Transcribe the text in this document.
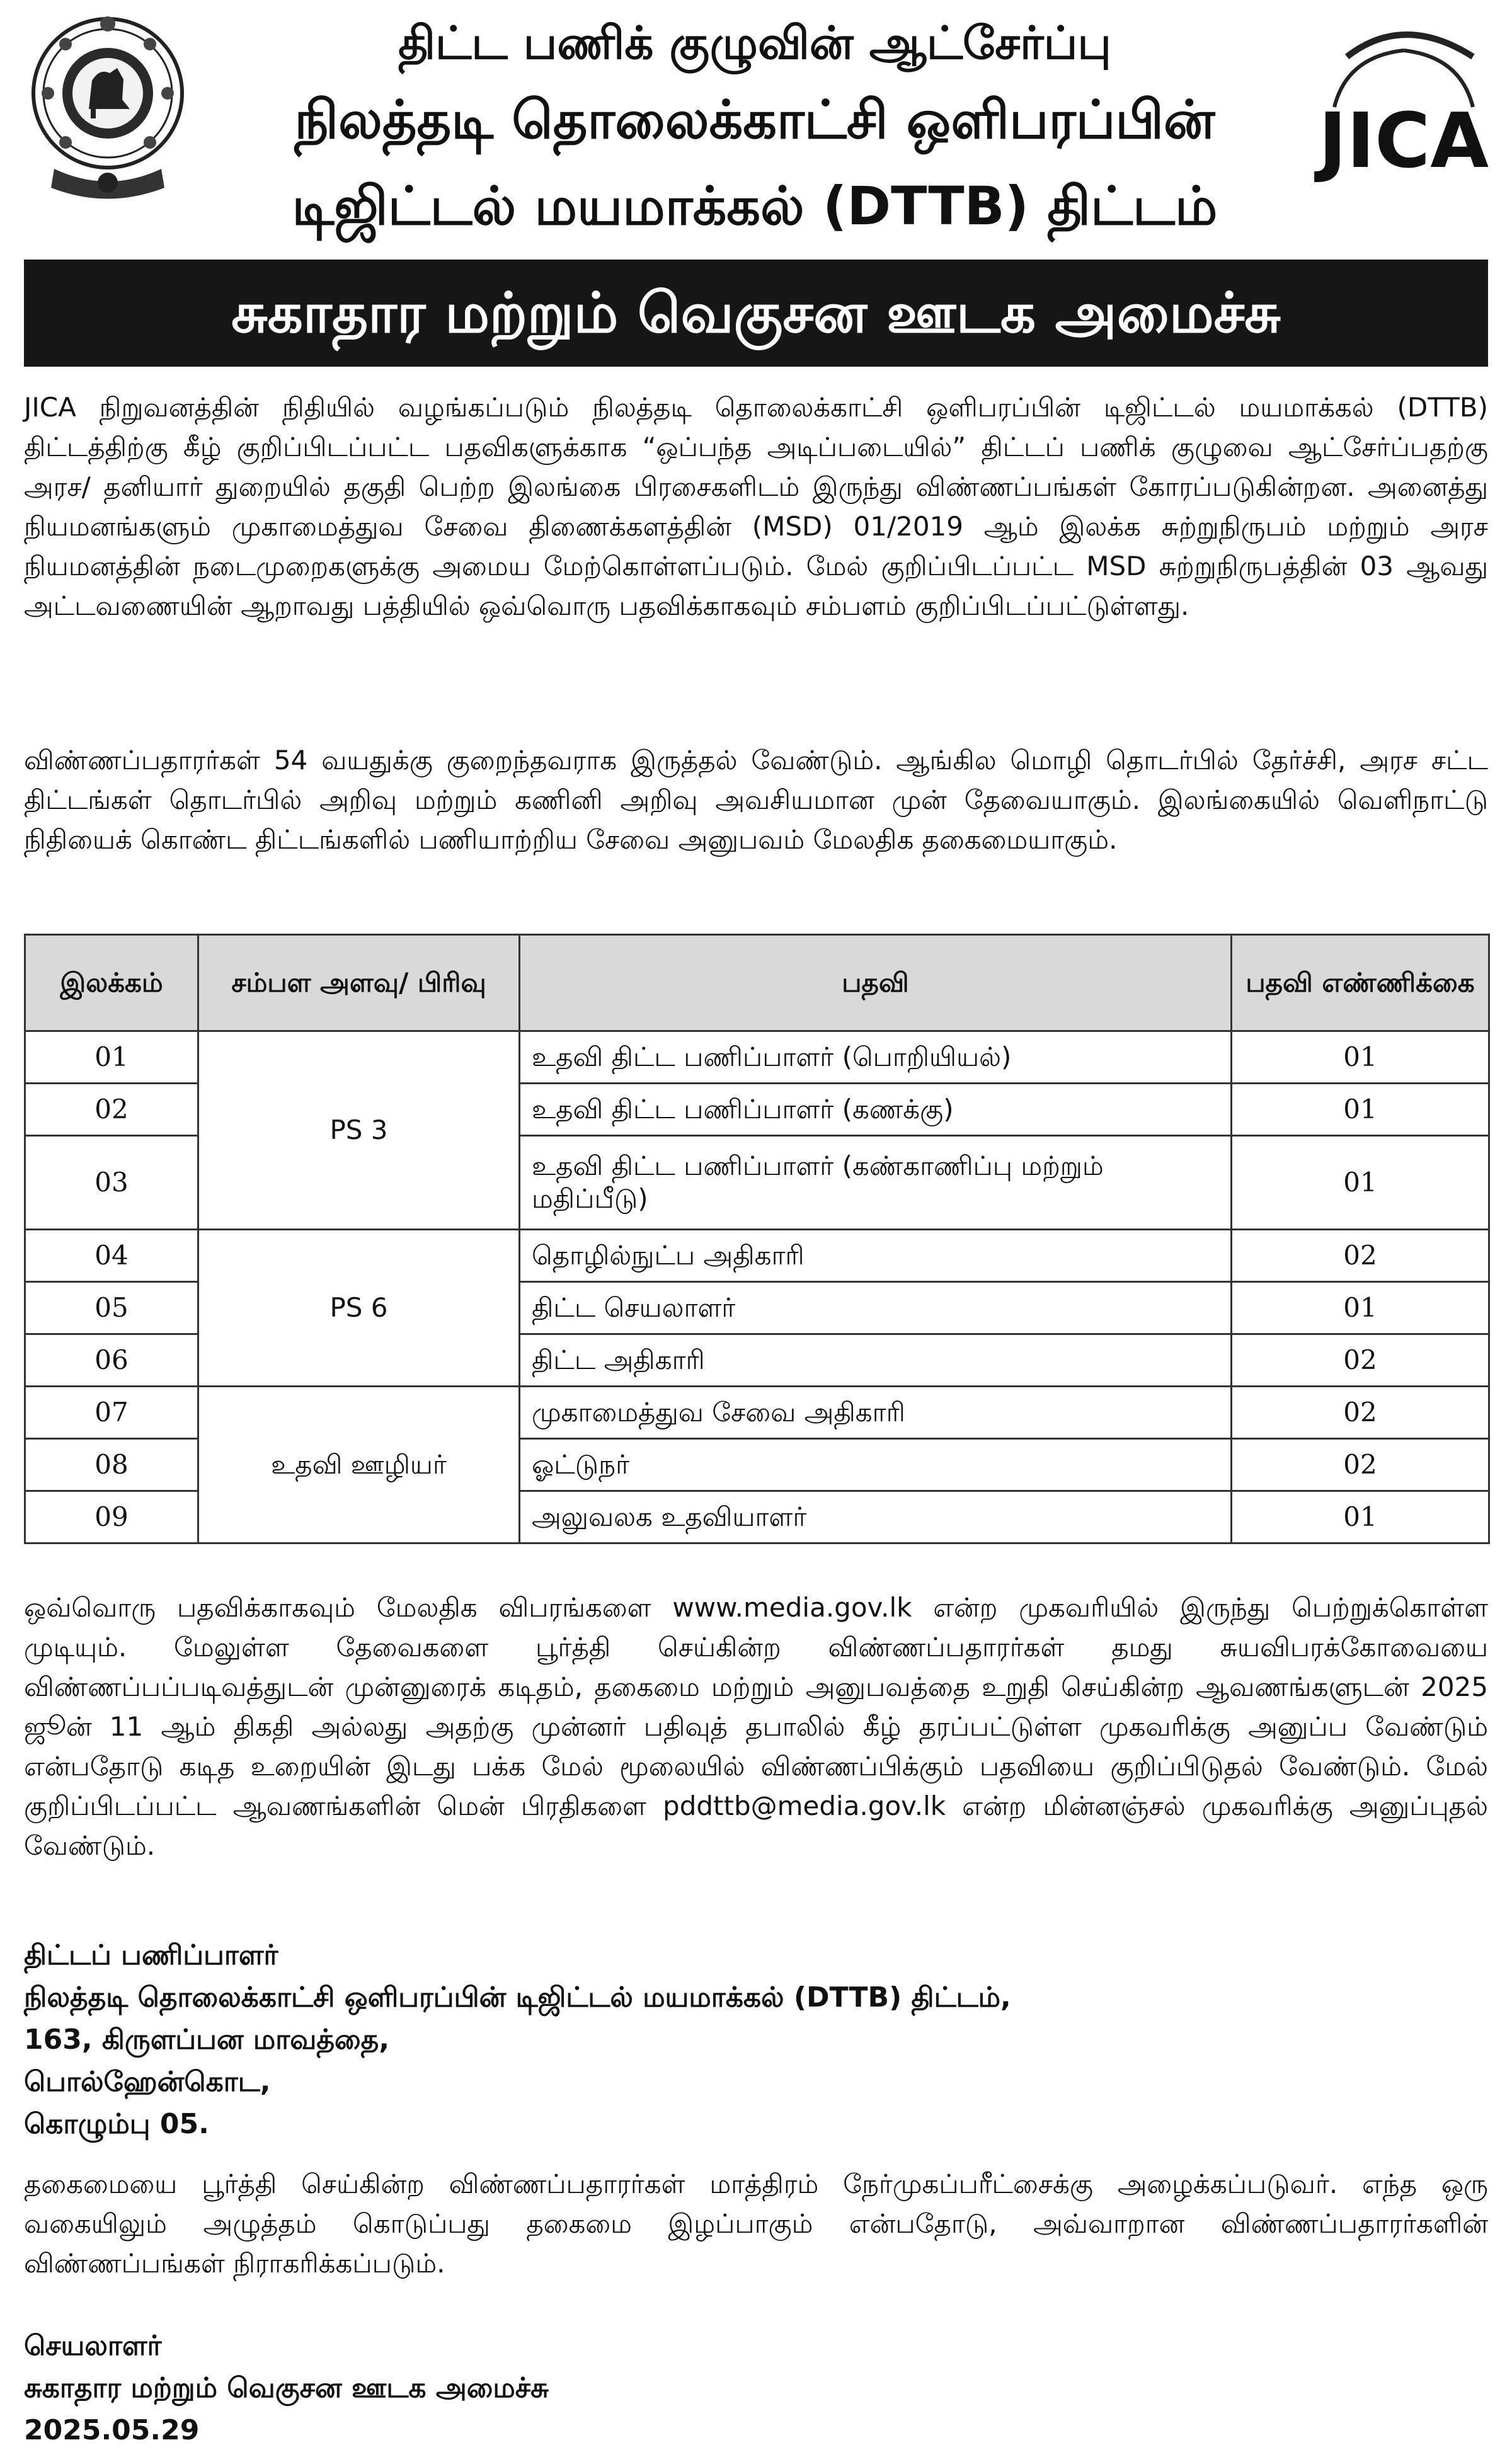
திட்ட பணிக் குழுவின் ஆட்சேர்ப்பு
நிலத்தடி தொலைக்காட்சி ஒளிபரப்பின்
டிஜிட்டல் மயமாக்கல் (DTTB) திட்டம்
JICA
சுகாதார மற்றும் வெகுசன ஊடக அமைச்சு

JICA நிறுவனத்தின் நிதியில் வழங்கப்படும் நிலத்தடி தொலைக்காட்சி ஒளிபரப்பின் டிஜிட்டல் மயமாக்கல் (DTTB) திட்டத்திற்கு கீழ் குறிப்பிடப்பட்ட பதவிகளுக்காக “ஒப்பந்த அடிப்படையில்” திட்டப் பணிக் குழுவை ஆட்சேர்ப்பதற்கு அரச/ தனியார் துறையில் தகுதி பெற்ற இலங்கை பிரசைகளிடம் இருந்து விண்ணப்பங்கள் கோரப்படுகின்றன. அனைத்து நியமனங்களும் முகாமைத்துவ சேவை திணைக்களத்தின் (MSD) 01/2019 ஆம் இலக்க சுற்றுநிருபம் மற்றும் அரச நியமனத்தின் நடைமுறைகளுக்கு அமைய மேற்கொள்ளப்படும். மேல் குறிப்பிடப்பட்ட MSD சுற்றுநிருபத்தின் 03 ஆவது அட்டவணையின் ஆறாவது பத்தியில் ஒவ்வொரு பதவிக்காகவும் சம்பளம் குறிப்பிடப்பட்டுள்ளது.

விண்ணப்பதாரர்கள் 54 வயதுக்கு குறைந்தவராக இருத்தல் வேண்டும். ஆங்கில மொழி தொடர்பில் தேர்ச்சி, அரச சட்ட திட்டங்கள் தொடர்பில் அறிவு மற்றும் கணினி அறிவு அவசியமான முன் தேவையாகும். இலங்கையில் வெளிநாட்டு நிதியைக் கொண்ட திட்டங்களில் பணியாற்றிய சேவை அனுபவம் மேலதிக தகைமையாகும்.

இலக்கம்	சம்பள அளவு/ பிரிவு	பதவி	பதவி எண்ணிக்கை
01	PS 3	உதவி திட்ட பணிப்பாளர் (பொறியியல்)	01
02		உதவி திட்ட பணிப்பாளர் (கணக்கு)	01
03		உதவி திட்ட பணிப்பாளர் (கண்காணிப்பு மற்றும் மதிப்பீடு)	01
04	PS 6	தொழில்நுட்ப அதிகாரி	02
05		திட்ட செயலாளர்	01
06		திட்ட அதிகாரி	02
07	உதவி ஊழியர்	முகாமைத்துவ சேவை அதிகாரி	02
08		ஓட்டுநர்	02
09		அலுவலக உதவியாளர்	01

ஒவ்வொரு பதவிக்காகவும் மேலதிக விபரங்களை www.media.gov.lk என்ற முகவரியில் இருந்து பெற்றுக்கொள்ள முடியும். மேலுள்ள தேவைகளை பூர்த்தி செய்கின்ற விண்ணப்பதாரர்கள் தமது சுயவிபரக்கோவையை விண்ணப்பப்படிவத்துடன் முன்னுரைக் கடிதம், தகைமை மற்றும் அனுபவத்தை உறுதி செய்கின்ற ஆவணங்களுடன் 2025 ஜூன் 11 ஆம் திகதி அல்லது அதற்கு முன்னர் பதிவுத் தபாலில் கீழ் தரப்பட்டுள்ள முகவரிக்கு அனுப்ப வேண்டும் என்பதோடு கடித உறையின் இடது பக்க மேல் மூலையில் விண்ணப்பிக்கும் பதவியை குறிப்பிடுதல் வேண்டும். மேல் குறிப்பிடப்பட்ட ஆவணங்களின் மென் பிரதிகளை pddttb@media.gov.lk என்ற மின்னஞ்சல் முகவரிக்கு அனுப்புதல் வேண்டும்.

திட்டப் பணிப்பாளர்
நிலத்தடி தொலைக்காட்சி ஒளிபரப்பின் டிஜிட்டல் மயமாக்கல் (DTTB) திட்டம்,
163, கிருளப்பன மாவத்தை,
பொல்ஹேன்கொட,
கொழும்பு 05.

தகைமையை பூர்த்தி செய்கின்ற விண்ணப்பதாரர்கள் மாத்திரம் நேர்முகப்பரீட்சைக்கு அழைக்கப்படுவர். எந்த ஒரு வகையிலும் அழுத்தம் கொடுப்பது தகைமை இழப்பாகும் என்பதோடு, அவ்வாறான விண்ணப்பதாரர்களின் விண்ணப்பங்கள் நிராகரிக்கப்படும்.

செயலாளர்
சுகாதார மற்றும் வெகுசன ஊடக அமைச்சு
2025.05.29
